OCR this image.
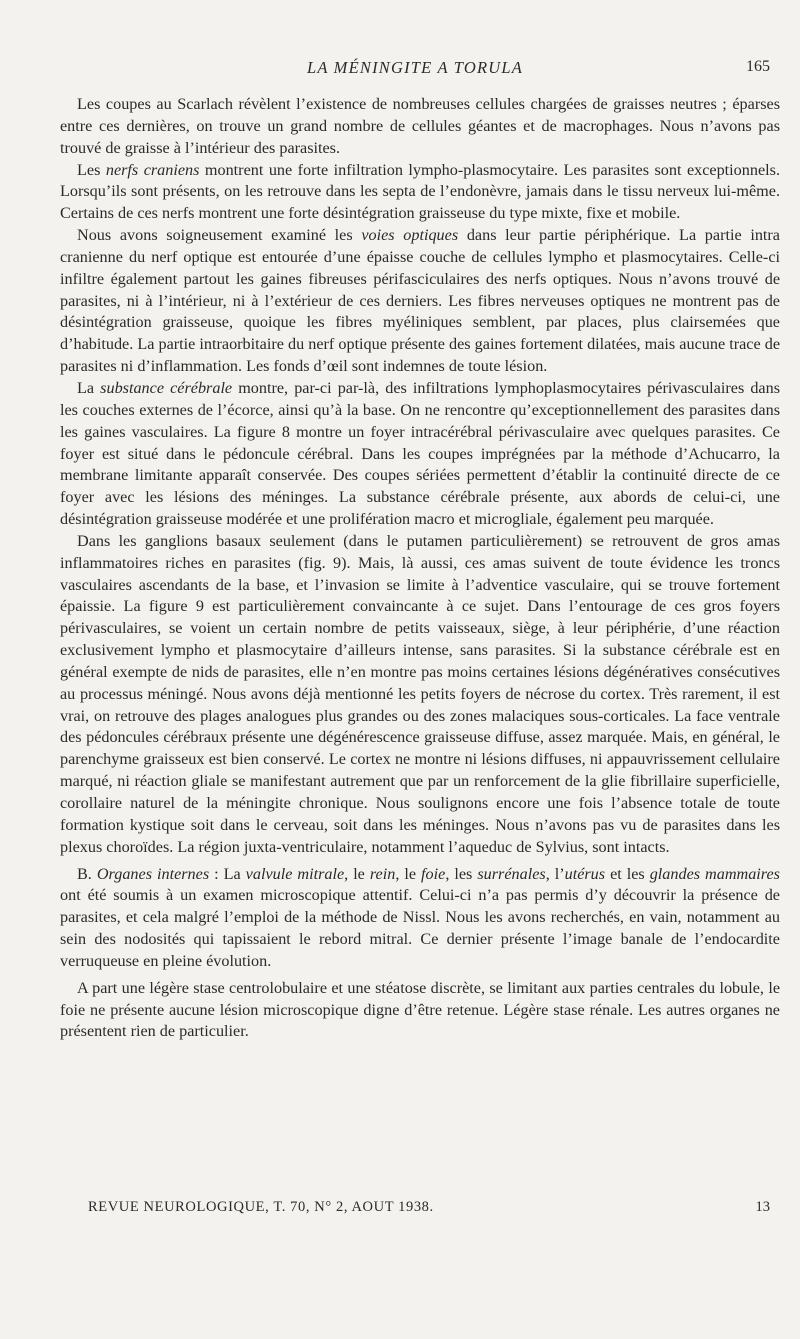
LA MÉNINGITE A TORULA	165

Les coupes au Scarlach révèlent l’existence de nombreuses cellules chargées de graisses neutres ; éparses entre ces dernières, on trouve un grand nombre de cellules géantes et de macrophages. Nous n’avons pas trouvé de graisse à l’intérieur des parasites.

Les nerfs craniens montrent une forte infiltration lympho-plasmocytaire. Les parasites sont exceptionnels. Lorsqu’ils sont présents, on les retrouve dans les septa de l’endonèvre, jamais dans le tissu nerveux lui-même. Certains de ces nerfs montrent une forte désintégration graisseuse du type mixte, fixe et mobile.

Nous avons soigneusement examiné les voies optiques dans leur partie périphérique. La partie intra cranienne du nerf optique est entourée d’une épaisse couche de cellules lympho et plasmocytaires. Celle-ci infiltre également partout les gaines fibreuses périfasciculaires des nerfs optiques. Nous n’avons trouvé de parasites, ni à l’intérieur, ni à l’extérieur de ces derniers. Les fibres nerveuses optiques ne montrent pas de désintégration graisseuse, quoique les fibres myéliniques semblent, par places, plus clairsemées que d’habitude. La partie intraorbitaire du nerf optique présente des gaines fortement dilatées, mais aucune trace de parasites ni d’inflammation. Les fonds d’œil sont indemnes de toute lésion.

La substance cérébrale montre, par-ci par-là, des infiltrations lymphoplasmocytaires périvasculaires dans les couches externes de l’écorce, ainsi qu’à la base. On ne rencontre qu’exceptionnellement des parasites dans les gaines vasculaires. La figure 8 montre un foyer intracérébral périvasculaire avec quelques parasites. Ce foyer est situé dans le pédoncule cérébral. Dans les coupes imprégnées par la méthode d’Achucarro, la membrane limitante apparaît conservée. Des coupes sériées permettent d’établir la continuité directe de ce foyer avec les lésions des méninges. La substance cérébrale présente, aux abords de celui-ci, une désintégration graisseuse modérée et une prolifération macro et microgliale, également peu marquée.

Dans les ganglions basaux seulement (dans le putamen particulièrement) se retrouvent de gros amas inflammatoires riches en parasites (fig. 9). Mais, là aussi, ces amas suivent de toute évidence les troncs vasculaires ascendants de la base, et l’invasion se limite à l’adventice vasculaire, qui se trouve fortement épaissie. La figure 9 est particulièrement convaincante à ce sujet. Dans l’entourage de ces gros foyers périvasculaires, se voient un certain nombre de petits vaisseaux, siège, à leur périphérie, d’une réaction exclusivement lympho et plasmocytaire d’ailleurs intense, sans parasites. Si la substance cérébrale est en général exempte de nids de parasites, elle n’en montre pas moins certaines lésions dégénératives consécutives au processus méningé. Nous avons déjà mentionné les petits foyers de nécrose du cortex. Très rarement, il est vrai, on retrouve des plages analogues plus grandes ou des zones malaciques sous-corticales. La face ventrale des pédoncules cérébraux présente une dégénérescence graisseuse diffuse, assez marquée. Mais, en général, le parenchyme graisseux est bien conservé. Le cortex ne montre ni lésions diffuses, ni appauvrissement cellulaire marqué, ni réaction gliale se manifestant autrement que par un renforcement de la glie fibrillaire superficielle, corollaire naturel de la méningite chronique. Nous soulignons encore une fois l’absence totale de toute formation kystique soit dans le cerveau, soit dans les méninges. Nous n’avons pas vu de parasites dans les plexus choroïdes. La région juxta-ventriculaire, notamment l’aqueduc de Sylvius, sont intacts.

B. Organes internes : La valvule mitrale, le rein, le foie, les surrénales, l’utérus et les glandes mammaires ont été soumis à un examen microscopique attentif. Celui-ci n’a pas permis d’y découvrir la présence de parasites, et cela malgré l’emploi de la méthode de Nissl. Nous les avons recherchés, en vain, notamment au sein des nodosités qui tapissaient le rebord mitral. Ce dernier présente l’image banale de l’endocardite verruqueuse en pleine évolution.

A part une légère stase centrolobulaire et une stéatose discrète, se limitant aux parties centrales du lobule, le foie ne présente aucune lésion microscopique digne d’être retenue. Légère stase rénale. Les autres organes ne présentent rien de particulier.

REVUE NEUROLOGIQUE, T. 70, N° 2, AOUT 1938.	13
